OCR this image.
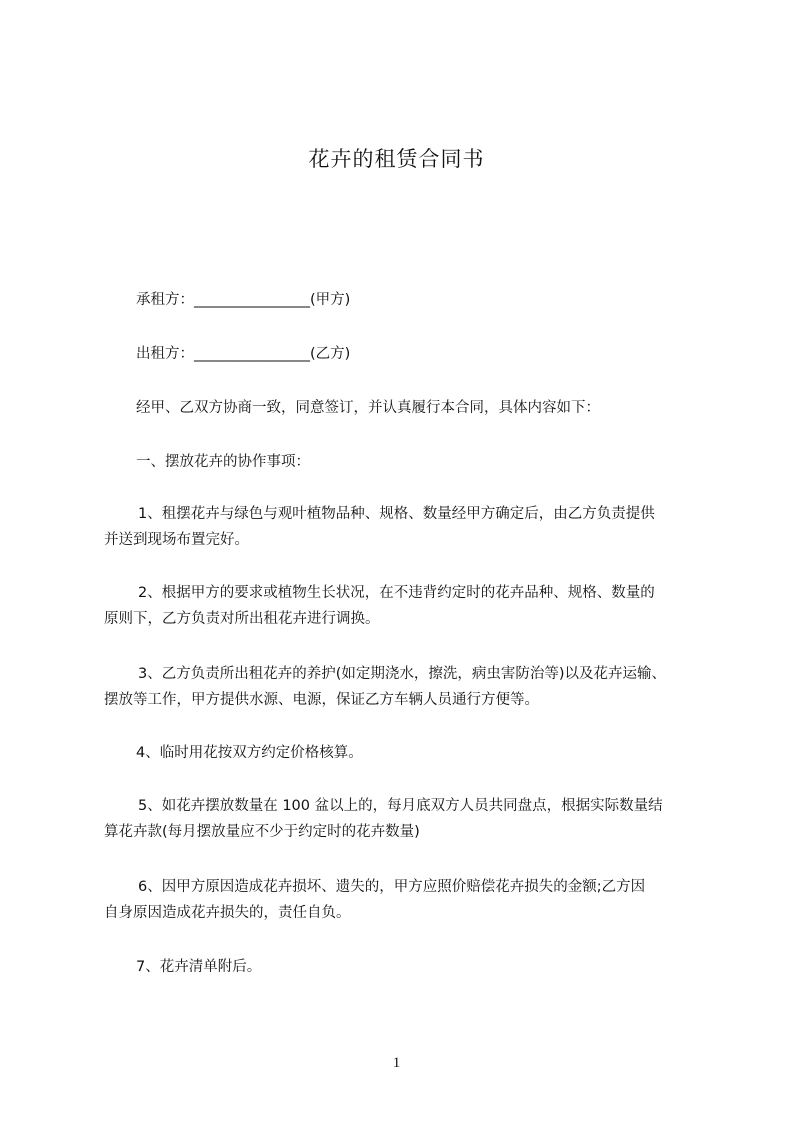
花卉的租赁合同书
承租方：________________(甲方)
出租方：________________(乙方)
经甲、乙双方协商一致，同意签订，并认真履行本合同，具体内容如下：
一、摆放花卉的协作事项：
1、租摆花卉与绿色与观叶植物品种、规格、数量经甲方确定后，由乙方负责提供
并送到现场布置完好。
2、根据甲方的要求或植物生长状况，在不违背约定时的花卉品种、规格、数量的
原则下，乙方负责对所出租花卉进行调换。
3、乙方负责所出租花卉的养护(如定期浇水，擦洗，病虫害防治等)以及花卉运输、
摆放等工作，甲方提供水源、电源，保证乙方车辆人员通行方便等。
4、临时用花按双方约定价格核算。
5、如花卉摆放数量在 100 盆以上的，每月底双方人员共同盘点，根据实际数量结
算花卉款(每月摆放量应不少于约定时的花卉数量)
6、因甲方原因造成花卉损坏、遗失的，甲方应照价赔偿花卉损失的金额;乙方因
自身原因造成花卉损失的，责任自负。
7、花卉清单附后。
1
